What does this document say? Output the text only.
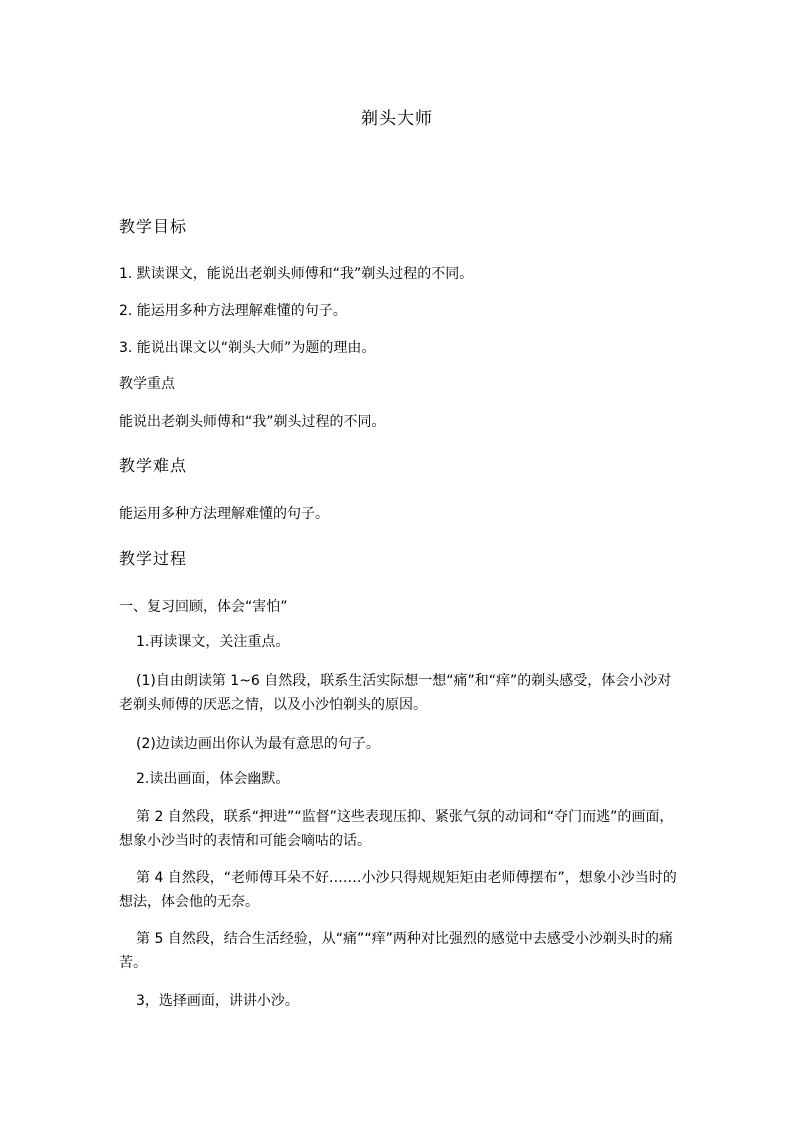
剃头大师
教学目标
1. 默读课文，能说出老剃头师傅和“我”剃头过程的不同。
2. 能运用多种方法理解难懂的句子。
3. 能说出课文以“剃头大师”为题的理由。
教学重点
能说出老剃头师傅和“我”剃头过程的不同。
教学难点
能运用多种方法理解难懂的句子。
教学过程
一、复习回顾，体会“害怕”
1.再读课文，关注重点。
(1)自由朗读第 1~6 自然段，联系生活实际想一想“痛”和“痒”的剃头感受，体会小沙对老剃头师傅的厌恶之情，以及小沙怕剃头的原因。
(2)边读边画出你认为最有意思的句子。
2.读出画面，体会幽默。
第 2 自然段，联系“押进”“监督”这些表现压抑、紧张气氛的动词和“夺门而逃”的画面， 想象小沙当时的表情和可能会嘀咕的话。
第 4 自然段，“老师傅耳朵不好.……小沙只得规规矩矩由老师傅摆布”，想象小沙当时的想法，体会他的无奈。
第 5 自然段，结合生活经验，从“痛”“痒”两种对比强烈的感觉中去感受小沙剃头时的痛苦。
3，选择画面，讲讲小沙。
